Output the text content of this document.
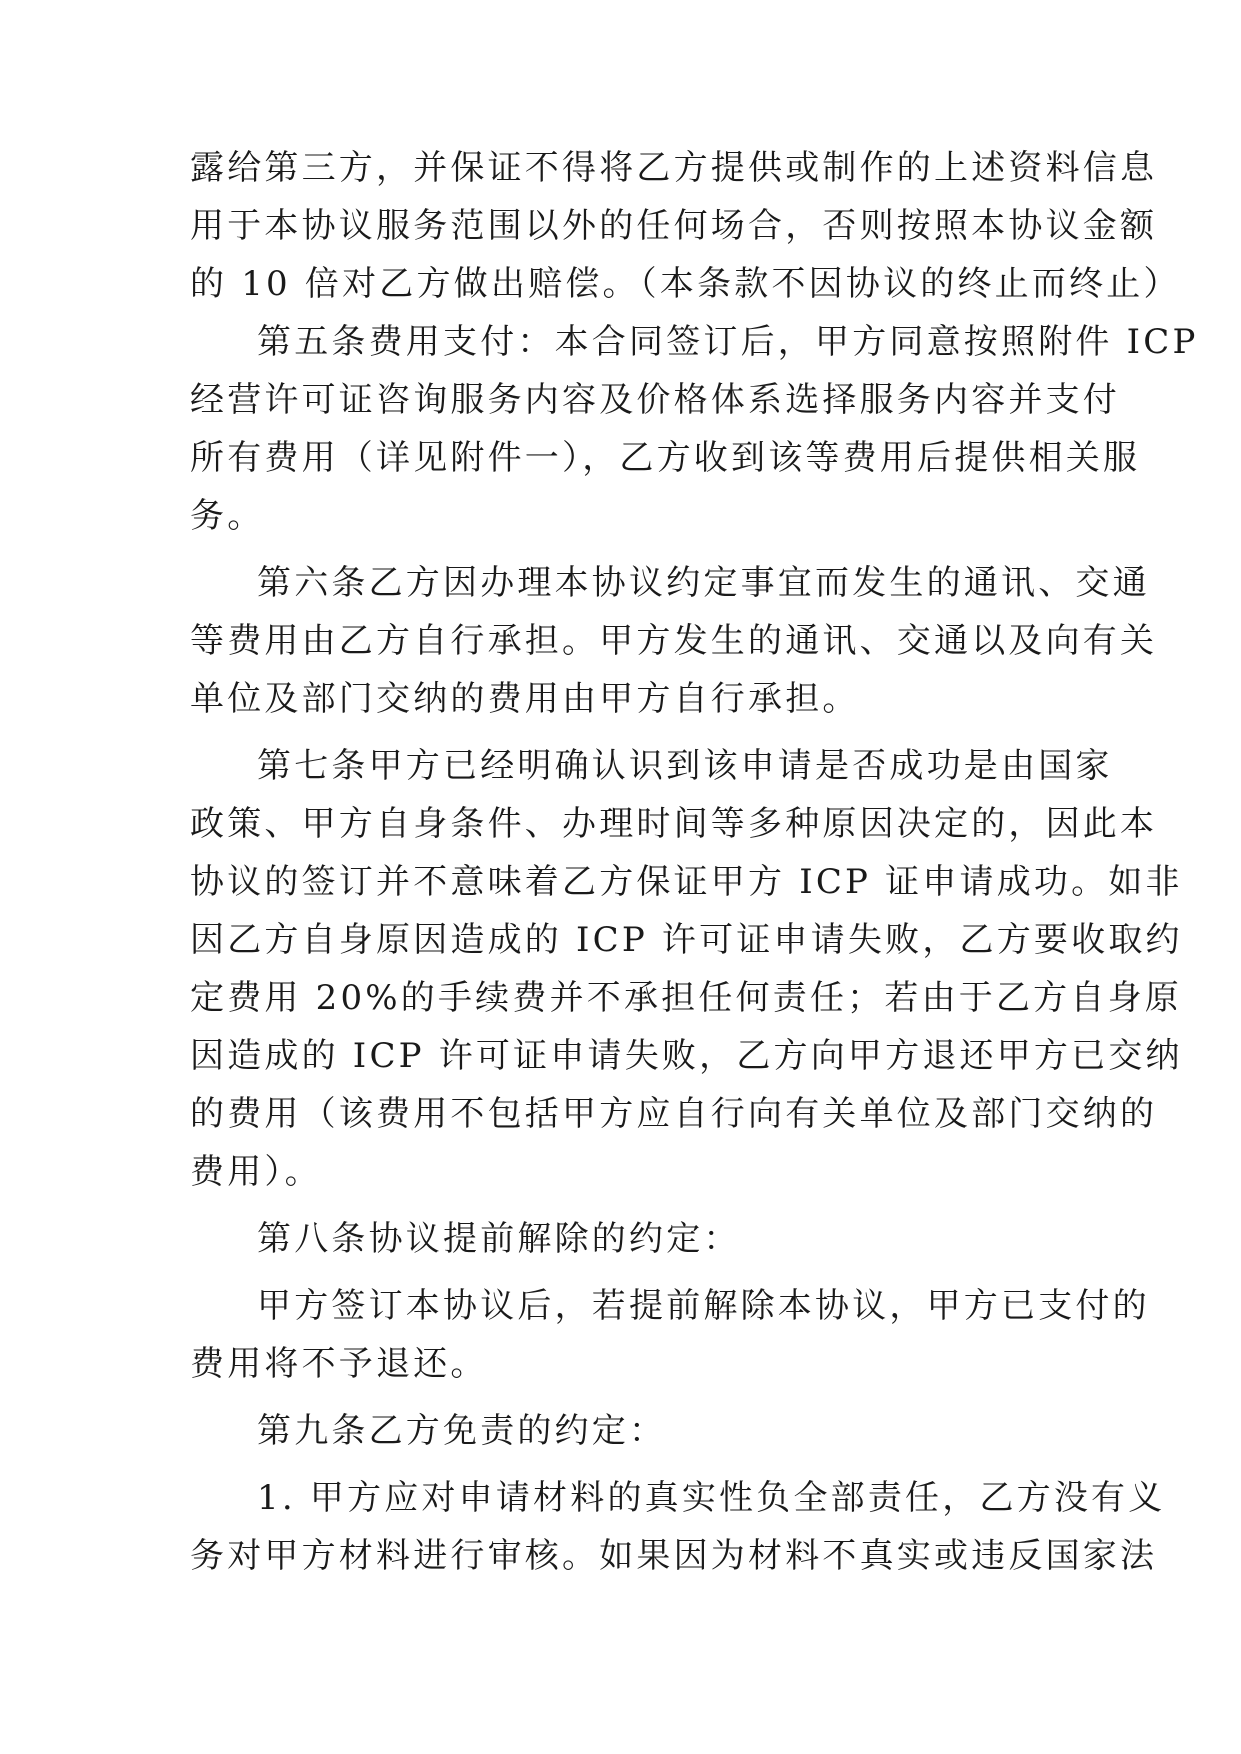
露给第三方，并保证不得将乙方提供或制作的上述资料信息

用于本协议服务范围以外的任何场合，否则按照本协议金额

的 10 倍对乙方做出赔偿。（本条款不因协议的终止而终止）

第五条费用支付：本合同签订后，甲方同意按照附件 ICP

经营许可证咨询服务内容及价格体系选择服务内容并支付

所有费用（详见附件一），乙方收到该等费用后提供相关服

务。

第六条乙方因办理本协议约定事宜而发生的通讯、交通

等费用由乙方自行承担。甲方发生的通讯、交通以及向有关

单位及部门交纳的费用由甲方自行承担。

第七条甲方已经明确认识到该申请是否成功是由国家

政策、甲方自身条件、办理时间等多种原因决定的，因此本

协议的签订并不意味着乙方保证甲方 ICP 证申请成功。如非

因乙方自身原因造成的 ICP 许可证申请失败，乙方要收取约

定费用 20%的手续费并不承担任何责任；若由于乙方自身原

因造成的 ICP 许可证申请失败，乙方向甲方退还甲方已交纳

的费用（该费用不包括甲方应自行向有关单位及部门交纳的

费用）。

第八条协议提前解除的约定：

甲方签订本协议后，若提前解除本协议，甲方已支付的

费用将不予退还。

第九条乙方免责的约定：

1. 甲方应对申请材料的真实性负全部责任，乙方没有义

务对甲方材料进行审核。如果因为材料不真实或违反国家法
